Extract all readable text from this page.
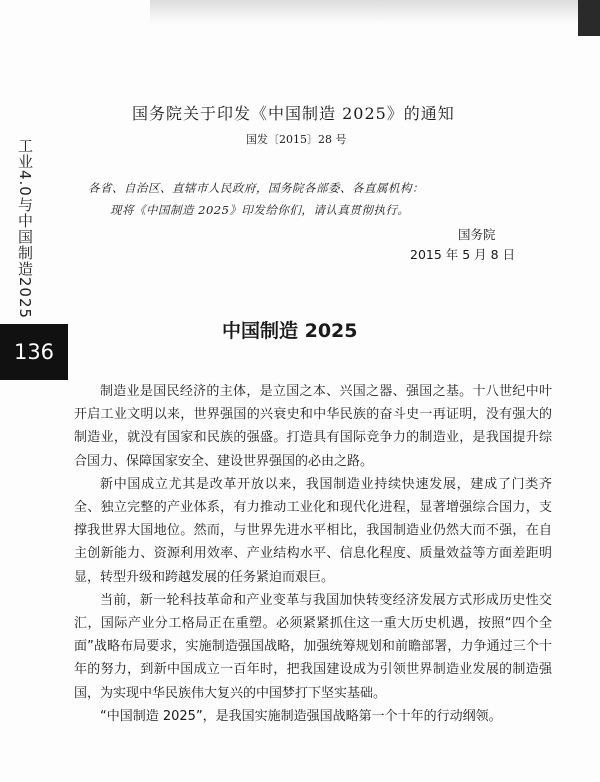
工业4.0与中国制造2025
136
国务院关于印发《中国制造 2025》的通知
国发〔2015〕28 号
各省、自治区、直辖市人民政府，国务院各部委、各直属机构：
现将《中国制造 2025》印发给你们，请认真贯彻执行。
国务院
2015 年 5 月 8 日
中国制造 2025

制造业是国民经济的主体，是立国之本、兴国之器、强国之基。十八世纪中叶开启工业文明以来，世界强国的兴衰史和中华民族的奋斗史一再证明，没有强大的制造业，就没有国家和民族的强盛。打造具有国际竞争力的制造业，是我国提升综合国力、保障国家安全、建设世界强国的必由之路。

新中国成立尤其是改革开放以来，我国制造业持续快速发展，建成了门类齐全、独立完整的产业体系，有力推动工业化和现代化进程，显著增强综合国力，支撑我世界大国地位。然而，与世界先进水平相比，我国制造业仍然大而不强，在自主创新能力、资源利用效率、产业结构水平、信息化程度、质量效益等方面差距明显，转型升级和跨越发展的任务紧迫而艰巨。

当前，新一轮科技革命和产业变革与我国加快转变经济发展方式形成历史性交汇，国际产业分工格局正在重塑。必须紧紧抓住这一重大历史机遇，按照“四个全面”战略布局要求，实施制造强国战略，加强统筹规划和前瞻部署，力争通过三个十年的努力，到新中国成立一百年时，把我国建设成为引领世界制造业发展的制造强国，为实现中华民族伟大复兴的中国梦打下坚实基础。

“中国制造 2025”，是我国实施制造强国战略第一个十年的行动纲领。
